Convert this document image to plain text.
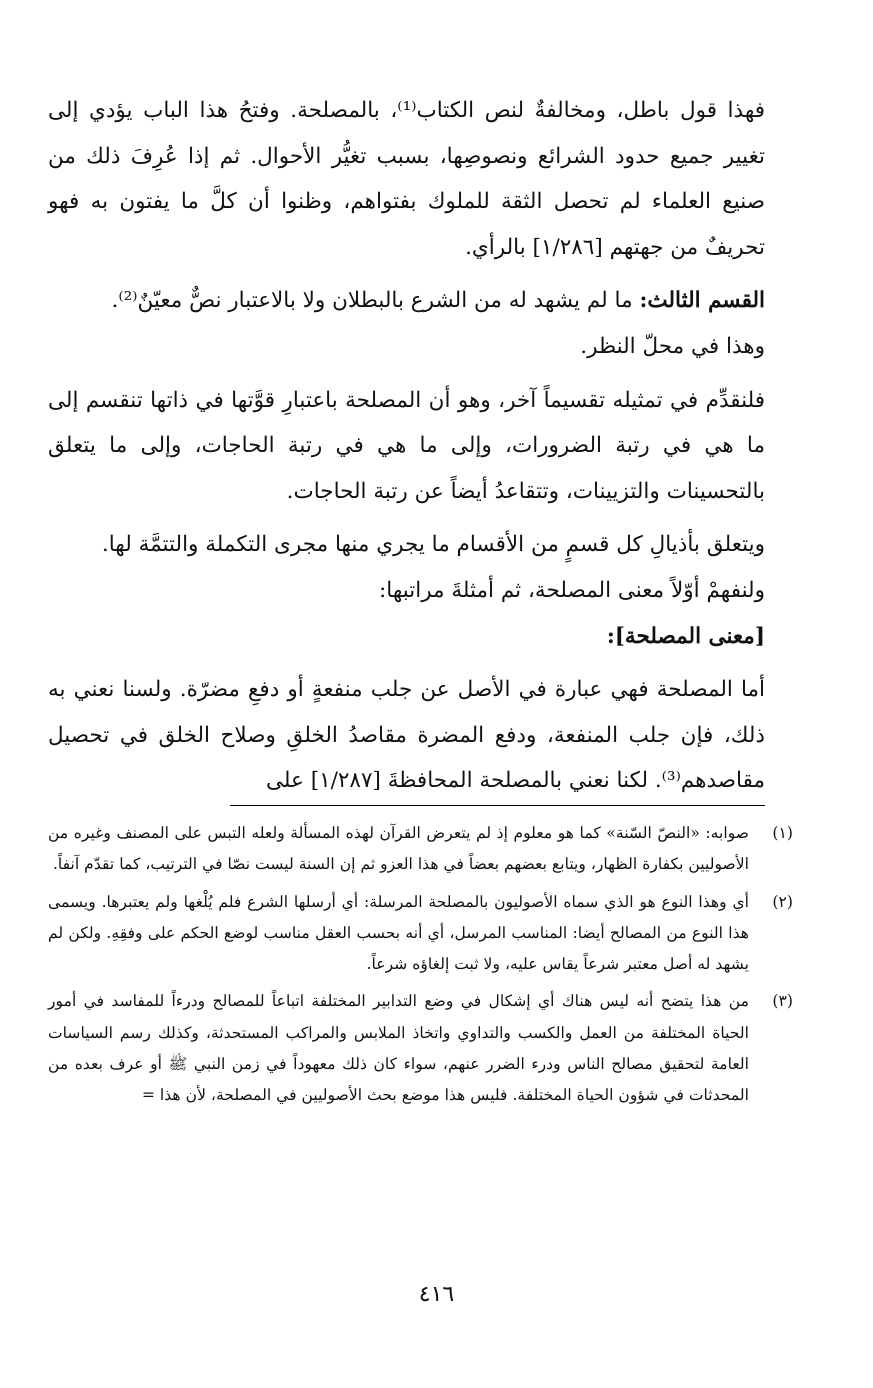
فهذا قول باطل، ومخالفةٌ لنص الكتاب⁽¹⁾، بالمصلحة. وفتحُ هذا الباب يؤدي إلى تغيير جميع حدود الشرائع ونصوصِها، بسبب تغيُّر الأحوال. ثم إذا عُرِفَ ذلك من صنيع العلماء لم تحصل الثقة للملوك بفتواهم، وظنوا أن كلَّ ما يفتون به فهو تحريفٌ من جهتهم [١/٢٨٦] بالرأي.

القسم الثالث: ما لم يشهد له من الشرع بالبطلان ولا بالاعتبار نصٌّ معيّنٌ⁽²⁾.

وهذا في محلّ النظر.

فلنقدِّم في تمثيله تقسيماً آخر، وهو أن المصلحة باعتبارِ قوَّتها في ذاتها تنقسم إلى ما هي في رتبة الضرورات، وإلى ما هي في رتبة الحاجات، وإلى ما يتعلق بالتحسينات والتزيينات، وتتقاعدُ أيضاً عن رتبة الحاجات.

ويتعلق بأذيالِ كل قسمٍ من الأقسام ما يجري منها مجرى التكملة والتتمَّة لها.

ولنفهمْ أوّلاً معنى المصلحة، ثم أمثلةَ مراتبها:

[معنى المصلحة]:

أما المصلحة فهي عبارة في الأصل عن جلب منفعةٍ أو دفعِ مضرّة. ولسنا نعني به ذلك، فإن جلب المنفعة، ودفع المضرة مقاصدُ الخلقِ وصلاح الخلق في تحصيل مقاصدهم⁽³⁾. لكنا نعني بالمصلحة المحافظةَ [١/٢٨٧] على

(١)
صوابه: «النصّ السّنة» كما هو معلوم إذ لم يتعرض القرآن لهذه المسألة ولعله التبس على المصنف وغيره من الأصوليين بكفارة الظهار، ويتابع بعضهم بعضاً في هذا العزو ثم إن السنة ليست نصّا في الترتيب، كما تقدّم آنفاً.
(٢)
أي وهذا النوع هو الذي سماه الأصوليون بالمصلحة المرسلة: أي أرسلها الشرع فلم يُلْغها ولم يعتبرها. ويسمى هذا النوع من المصالح أيضا: المناسب المرسل، أي أنه بحسب العقل مناسب لوضع الحكم على وفقِهِ. ولكن لم يشهد له أصل معتبر شرعاً يقاس عليه، ولا ثبت إلغاؤه شرعاً.
(٣)
من هذا يتضح أنه ليس هناك أي إشكال في وضع التدابير المختلفة اتباعاً للمصالح ودرءاً للمفاسد في أمور الحياة المختلفة من العمل والكسب والتداوي واتخاذ الملابس والمراكب المستحدثة، وكذلك رسم السياسات العامة لتحقيق مصالح الناس ودرء الضرر عنهم، سواء كان ذلك معهوداً في زمن النبي ﷺ أو عرف بعده من المحدثات في شؤون الحياة المختلفة. فليس هذا موضع بحث الأصوليين في المصلحة، لأن هذا =
٤١٦
